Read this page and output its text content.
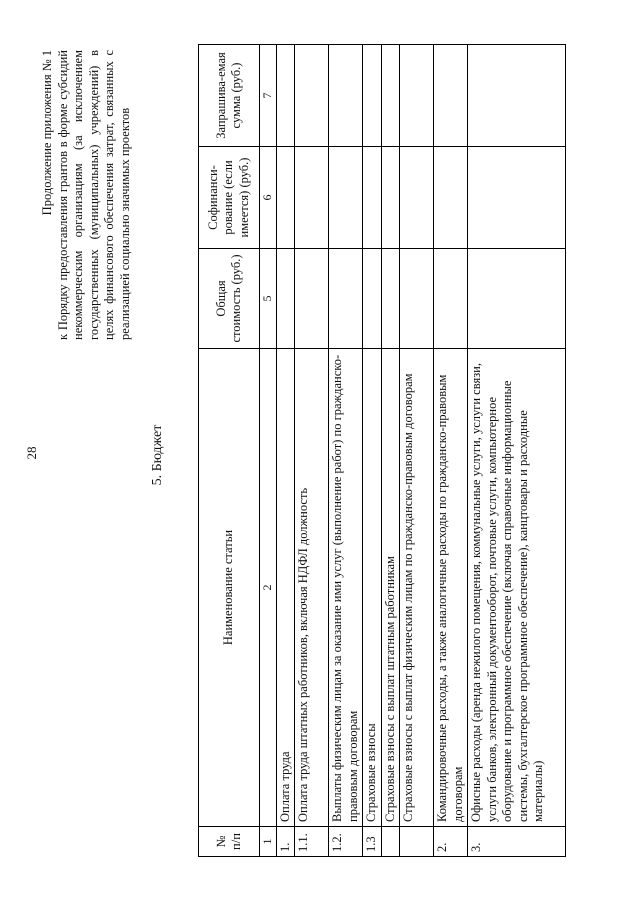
28
Продолжение приложения № 1 к Порядку предоставления грантов в форме субсидий некоммерческим организациям (за исключением государственных (муниципальных) учреждений) в целях финансового обеспечения затрат, связанных с реализацией социально значимых проектов
5. Бюджет
№ п/п	Наименование статьи	Общая стоимость (руб.)	Софинанси-рование (если имеется) (руб.)	Запрашива-емая сумма (руб.)
1	2	5	6	7
1.	Оплата труда			
1.1.	Оплата труда штатных работников, включая НДФЛ должность			
1.2.	Выплаты физическим лицам за оказание ими услуг (выполнение работ) по гражданско-правовым договорам			
1.3	Страховые взносы			
	Страховые взносы с выплат штатным работникам			
	Страховые взносы с выплат физическим лицам по гражданско-правовым договорам			
2.	Командировочные расходы, а также аналогичные расходы по гражданско-правовым договорам			
3.	Офисные расходы (аренда нежилого помещения, коммунальные услуги, услуги связи, услуги банков, электронный документооборот, почтовые услуги, компьютерное оборудование и программное обеспечение (включая справочные информационные системы, бухгалтерское программное обеспечение), канцтовары и расходные материалы)			
